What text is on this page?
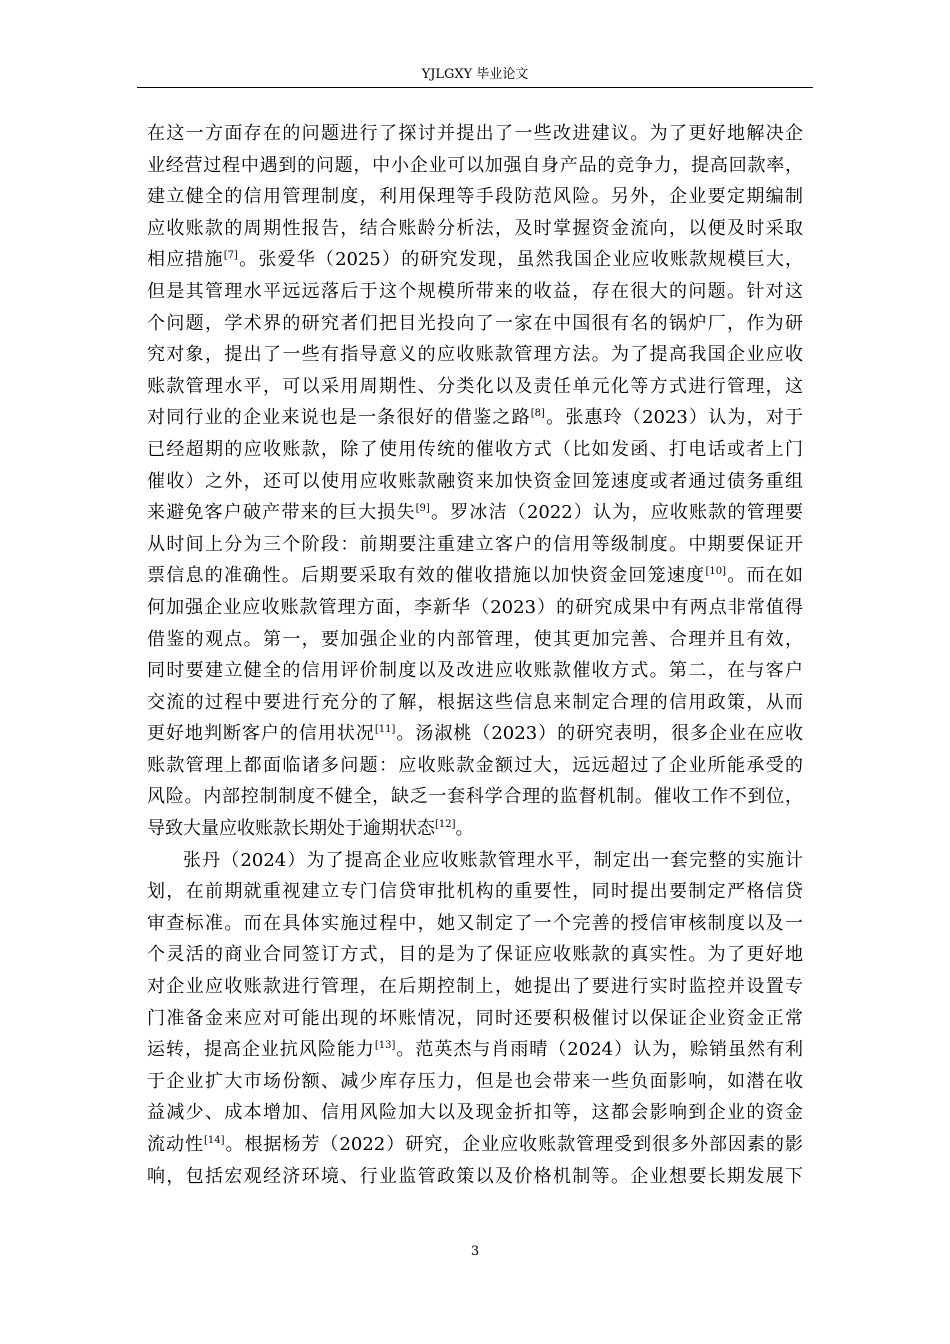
YJLGXY 毕业论文
在这一方面存在的问题进行了探讨并提出了一些改进建议。为了更好地解决企
业经营过程中遇到的问题，中小企业可以加强自身产品的竞争力，提高回款率，
建立健全的信用管理制度，利用保理等手段防范风险。另外，企业要定期编制
应收账款的周期性报告，结合账龄分析法，及时掌握资金流向，以便及时采取
相应措施[7]。张爱华（2025）的研究发现，虽然我国企业应收账款规模巨大，
但是其管理水平远远落后于这个规模所带来的收益，存在很大的问题。针对这
个问题，学术界的研究者们把目光投向了一家在中国很有名的锅炉厂，作为研
究对象，提出了一些有指导意义的应收账款管理方法。为了提高我国企业应收
账款管理水平，可以采用周期性、分类化以及责任单元化等方式进行管理，这
对同行业的企业来说也是一条很好的借鉴之路[8]。张惠玲（2023）认为，对于
已经超期的应收账款，除了使用传统的催收方式（比如发函、打电话或者上门
催收）之外，还可以使用应收账款融资来加快资金回笼速度或者通过债务重组
来避免客户破产带来的巨大损失[9]。罗冰洁（2022）认为，应收账款的管理要
从时间上分为三个阶段：前期要注重建立客户的信用等级制度。中期要保证开
票信息的准确性。后期要采取有效的催收措施以加快资金回笼速度[10]。而在如
何加强企业应收账款管理方面，李新华（2023）的研究成果中有两点非常值得
借鉴的观点。第一，要加强企业的内部管理，使其更加完善、合理并且有效，
同时要建立健全的信用评价制度以及改进应收账款催收方式。第二，在与客户
交流的过程中要进行充分的了解，根据这些信息来制定合理的信用政策，从而
更好地判断客户的信用状况[11]。汤淑桃（2023）的研究表明，很多企业在应收
账款管理上都面临诸多问题：应收账款金额过大，远远超过了企业所能承受的
风险。内部控制制度不健全，缺乏一套科学合理的监督机制。催收工作不到位，
导致大量应收账款长期处于逾期状态[12]。
张丹（2024）为了提高企业应收账款管理水平，制定出一套完整的实施计
划，在前期就重视建立专门信贷审批机构的重要性，同时提出要制定严格信贷
审查标准。而在具体实施过程中，她又制定了一个完善的授信审核制度以及一
个灵活的商业合同签订方式，目的是为了保证应收账款的真实性。为了更好地
对企业应收账款进行管理，在后期控制上，她提出了要进行实时监控并设置专
门准备金来应对可能出现的坏账情况，同时还要积极催讨以保证企业资金正常
运转，提高企业抗风险能力[13]。范英杰与肖雨晴（2024）认为，赊销虽然有利
于企业扩大市场份额、减少库存压力，但是也会带来一些负面影响，如潜在收
益减少、成本增加、信用风险加大以及现金折扣等，这都会影响到企业的资金
流动性[14]。根据杨芳（2022）研究，企业应收账款管理受到很多外部因素的影
响，包括宏观经济环境、行业监管政策以及价格机制等。企业想要长期发展下
3
